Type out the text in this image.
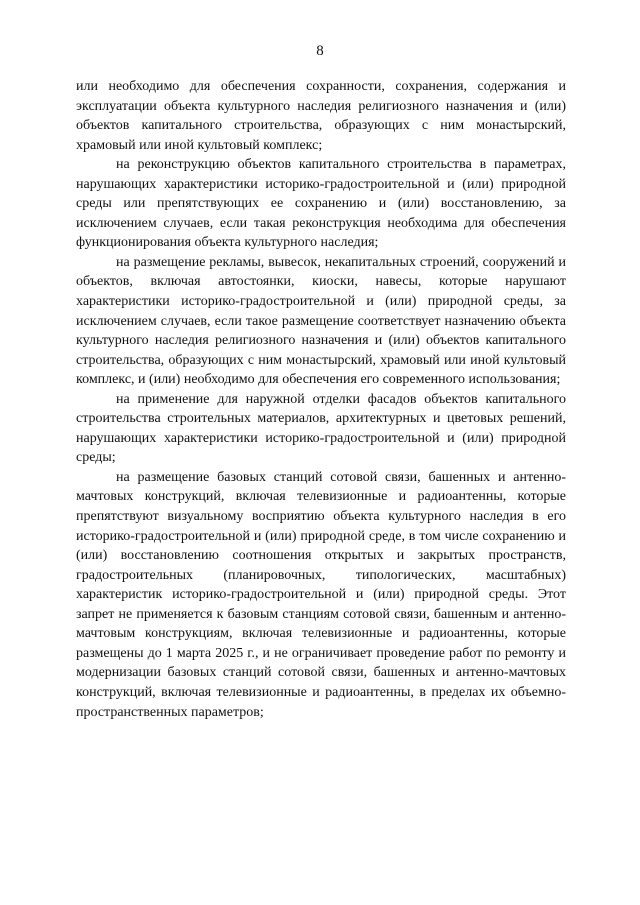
8

или необходимо для обеспечения сохранности, сохранения, содержания и эксплуатации объекта культурного наследия религиозного назначения и (или) объектов капитального строительства, образующих с ним монастырский, храмовый или иной культовый комплекс;

на реконструкцию объектов капитального строительства в параметрах, нарушающих характеристики историко-градостроительной и (или) природной среды или препятствующих ее сохранению и (или) восстановлению, за исключением случаев, если такая реконструкция необходима для обеспечения функционирования объекта культурного наследия;

на размещение рекламы, вывесок, некапитальных строений, сооружений и объектов, включая автостоянки, киоски, навесы, которые нарушают характеристики историко-градостроительной и (или) природной среды, за исключением случаев, если такое размещение соответствует назначению объекта культурного наследия религиозного назначения и (или) объектов капитального строительства, образующих с ним монастырский, храмовый или иной культовый комплекс, и (или) необходимо для обеспечения его современного использования;

на применение для наружной отделки фасадов объектов капитального строительства строительных материалов, архитектурных и цветовых решений, нарушающих характеристики историко-градостроительной и (или) природной среды;

на размещение базовых станций сотовой связи, башенных и антенно-мачтовых конструкций, включая телевизионные и радиоантенны, которые препятствуют визуальному восприятию объекта культурного наследия в его историко-градостроительной и (или) природной среде, в том числе сохранению и (или) восстановлению соотношения открытых и закрытых пространств, градостроительных (планировочных, типологических, масштабных) характеристик историко-градостроительной и (или) природной среды. Этот запрет не применяется к базовым станциям сотовой связи, башенным и антенно-мачтовым конструкциям, включая телевизионные и радиоантенны, которые размещены до 1 марта 2025 г., и не ограничивает проведение работ по ремонту и модернизации базовых станций сотовой связи, башенных и антенно-мачтовых конструкций, включая телевизионные и радиоантенны, в пределах их объемно-пространственных параметров;
